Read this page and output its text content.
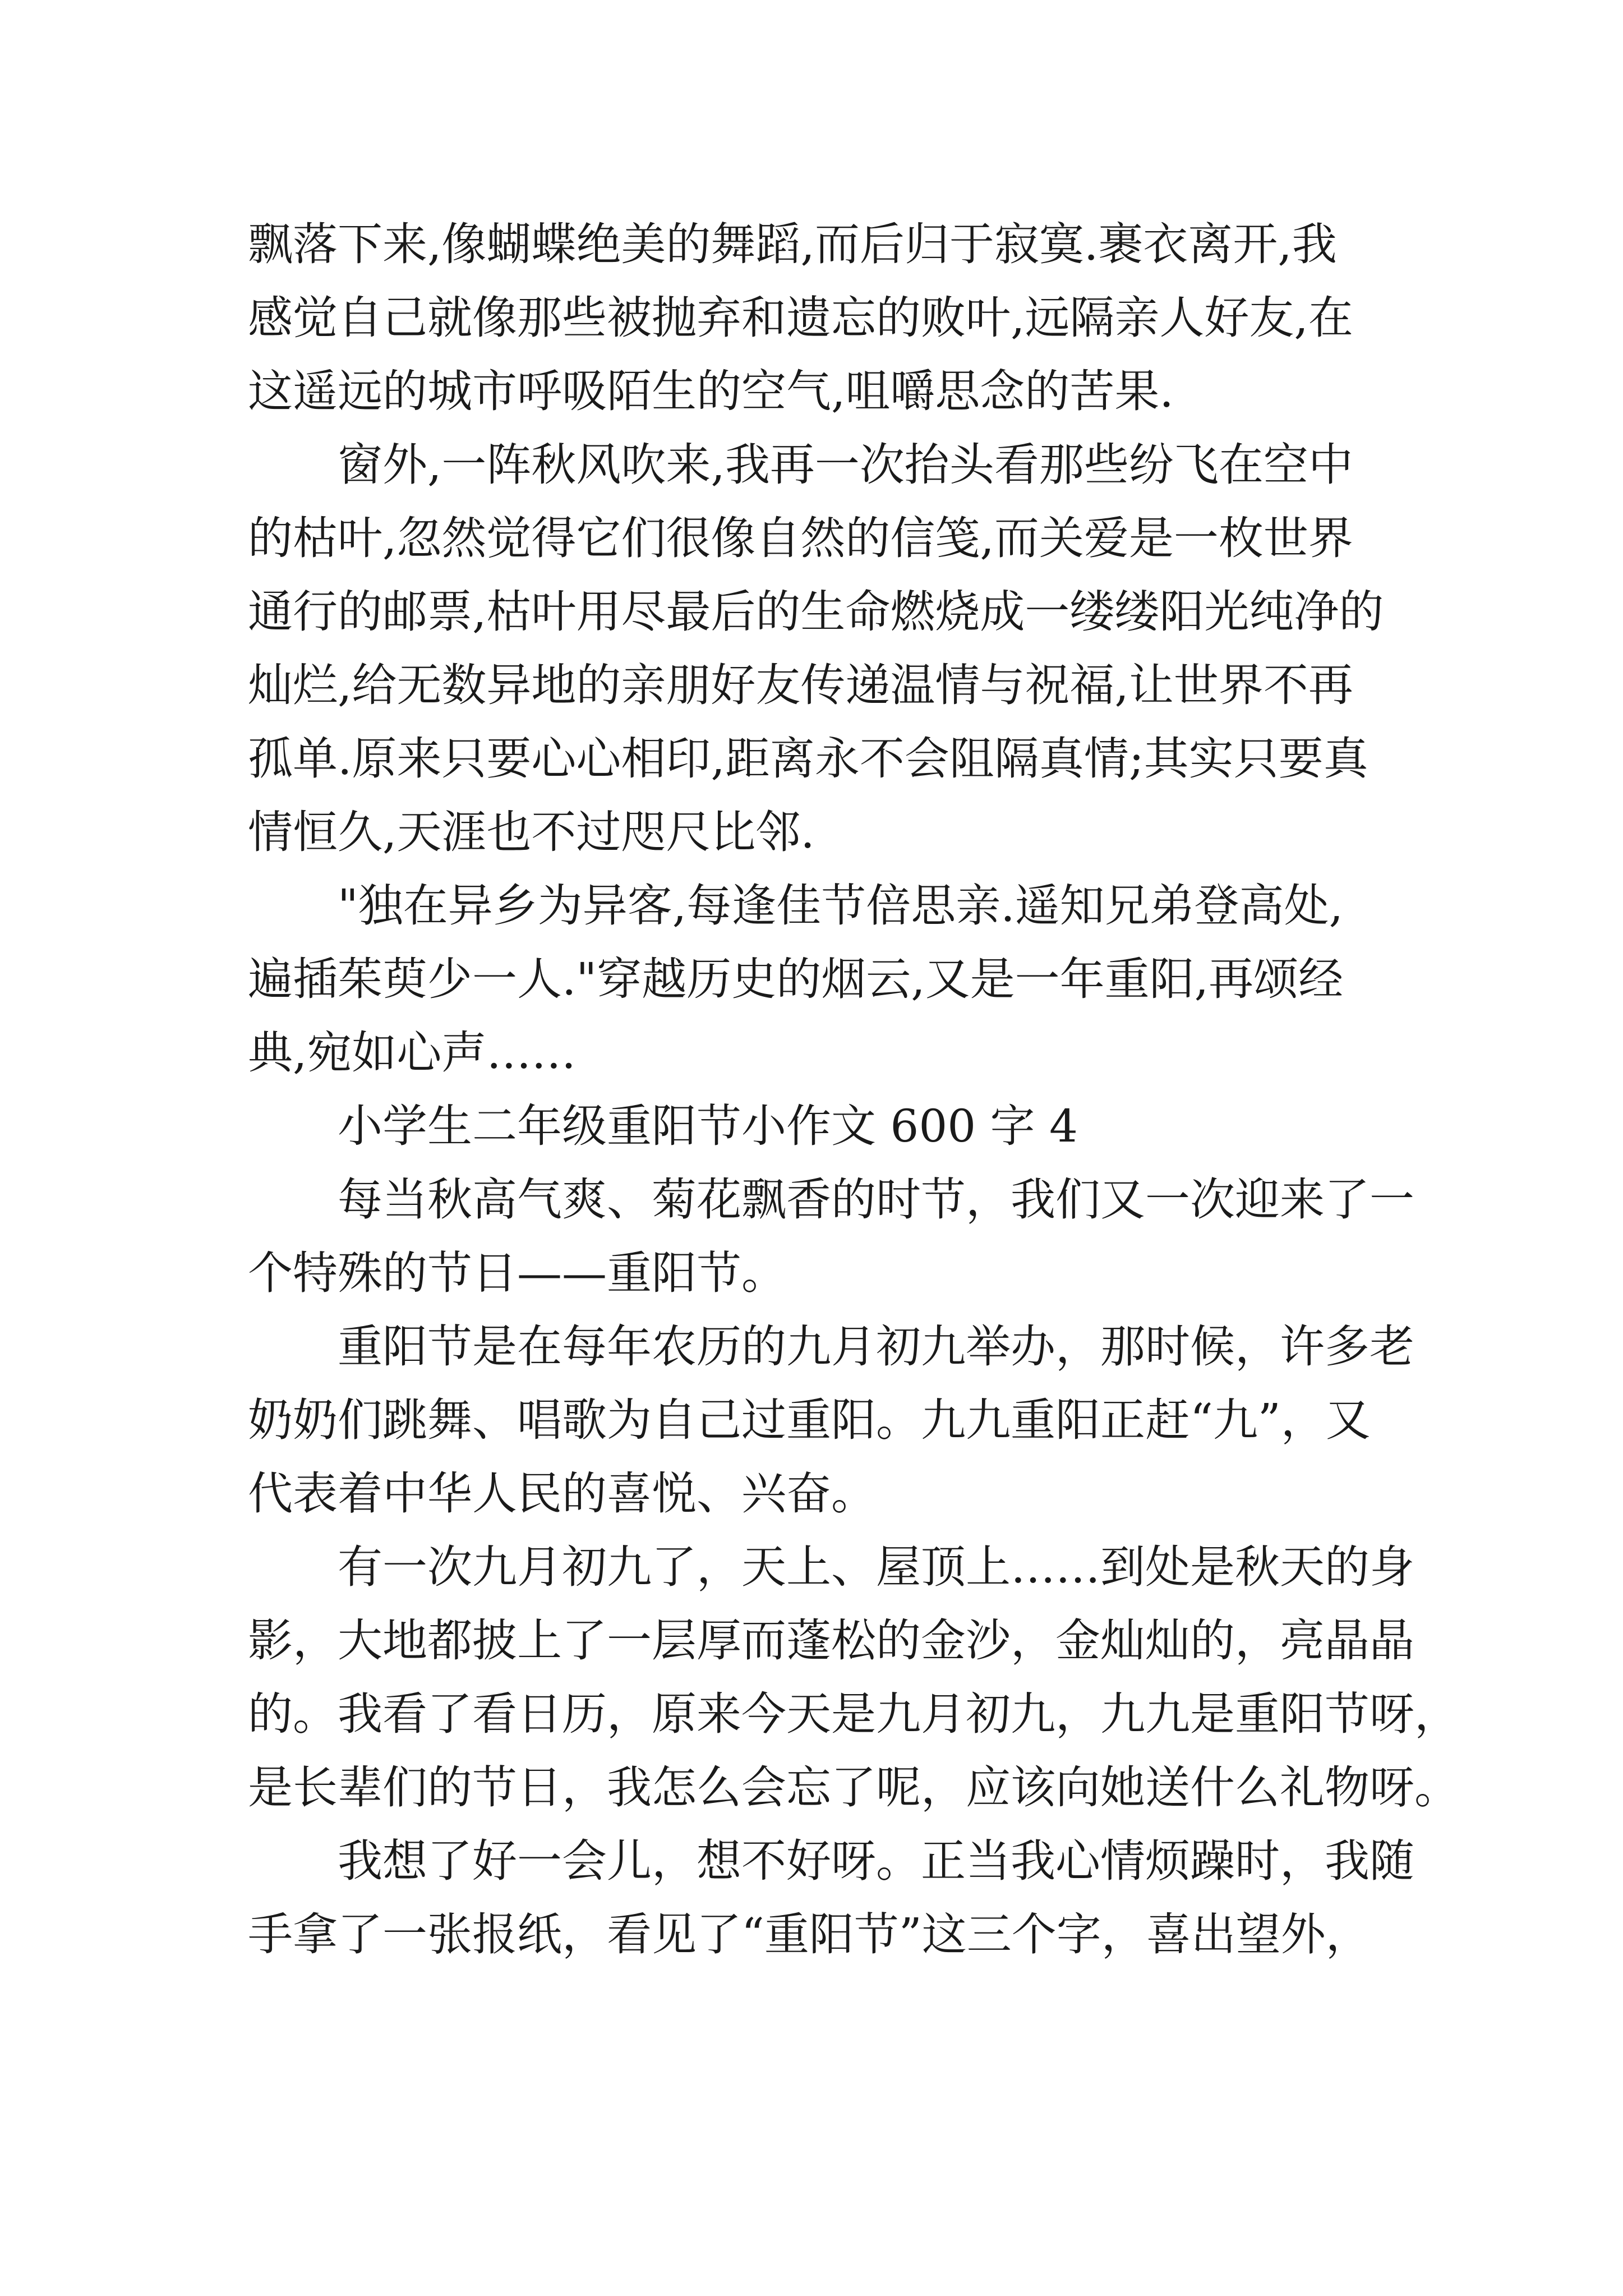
飘落下来,像蝴蝶绝美的舞蹈,而后归于寂寞.裹衣离开,我
感觉自己就像那些被抛弃和遗忘的败叶,远隔亲人好友,在
这遥远的城市呼吸陌生的空气,咀嚼思念的苦果.

窗外,一阵秋风吹来,我再一次抬头看那些纷飞在空中
的枯叶,忽然觉得它们很像自然的信笺,而关爱是一枚世界
通行的邮票,枯叶用尽最后的生命燃烧成一缕缕阳光纯净的
灿烂,给无数异地的亲朋好友传递温情与祝福,让世界不再
孤单.原来只要心心相印,距离永不会阻隔真情;其实只要真
情恒久,天涯也不过咫尺比邻.

"独在异乡为异客,每逢佳节倍思亲.遥知兄弟登高处,
遍插茱萸少一人."穿越历史的烟云,又是一年重阳,再颂经
典,宛如心声……

小学生二年级重阳节小作文 600 字 4

每当秋高气爽、菊花飘香的时节，我们又一次迎来了一
个特殊的节日——重阳节。

重阳节是在每年农历的九月初九举办，那时候，许多老
奶奶们跳舞、唱歌为自己过重阳。九九重阳正赶“九”，又
代表着中华人民的喜悦、兴奋。

有一次九月初九了，天上、屋顶上……到处是秋天的身
影，大地都披上了一层厚而蓬松的金沙，金灿灿的，亮晶晶
的。我看了看日历，原来今天是九月初九，九九是重阳节呀，
是长辈们的节日，我怎么会忘了呢，应该向她送什么礼物呀。

我想了好一会儿，想不好呀。正当我心情烦躁时，我随
手拿了一张报纸，看见了“重阳节”这三个字，喜出望外，
